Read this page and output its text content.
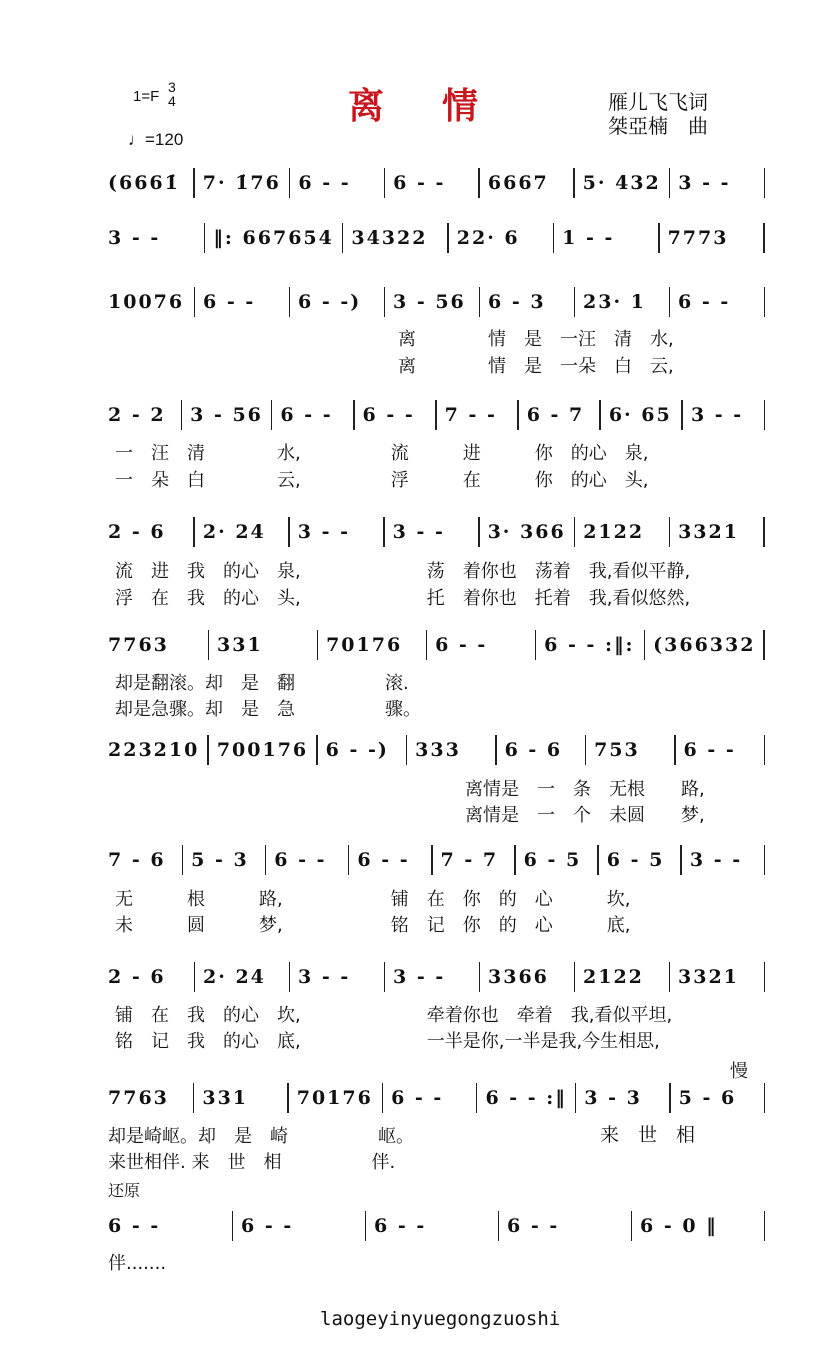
1=F
3
4
♩=120
离情	雁儿飞飞词
桀亞楠　曲
(6661̇	7· 1̇76 6 - -	6 - -	6667	5· 432 3 - -
3 - -	‖: 667654 34322	22· 6	1 - -	7773
10076 6 - -	6 - -)	3 - 56	6 - 3	23· 1	6 - -
离　　　　情　是　一汪　清　水,
离　　　　情　是　一朵　白　云,
2 - 2	3 - 56 6 - -	6 - -	7 - -	6 - 7	6· 65	3 - -
一　汪　清　　　　水,　　　　　流　　　进　　　你　的心　泉,
一　朵　白　　　　云,　　　　　浮　　　在　　　你　的心　头,
2 - 6	2· 24	3 - -	3 - -	3· 366 2122	3321
流　进　我　的心　泉,　　　　　　　荡　着你也　荡着　我,看似平静,
浮　在　我　的心　头,　　　　　　　托　着你也　托着　我,看似悠然,
7763	331	70176	6 - -	6 - - :‖: (366332
却是翻滚。却　是　翻　　　　　滚.
却是急骤。却　是　急　　　　　骤。
223210 700176 6 - -)	333	6 - 6	753	6 - -
离情是　一　条　无根　　路,
离情是　一　个　未圆　　梦,
7 - 6	5 - 3	6 - -	6 - -	7 - 7	6 - 5	6 - 5	3 - -
无　　　根　　　路,　　　　　　铺　在　你　的　心　　　坎,
未　　　圆　　　梦,　　　　　　铭　记　你　的　心　　　底,
2 - 6	2· 24	3 - -	3 - -	3366	2122	3321
铺　在　我　的心　坎,　　　　　　　牵着你也　牵着　我,看似平坦,
铭　记　我　的心　底,　　　　　　　一半是你,一半是我,今生相思,
7763	331	70176 6 - -	6 - - :‖ 3 - 3	5 - 6
却是崎岖。却　是　崎　　　　　岖。
来世相伴. 来　世　相　　　　　伴.
6 - -	6 - -	6 - -	6 - -	6 - 0 ‖
伴.......
慢
来　世　相
还原
laogeyinyuegongzuoshi
